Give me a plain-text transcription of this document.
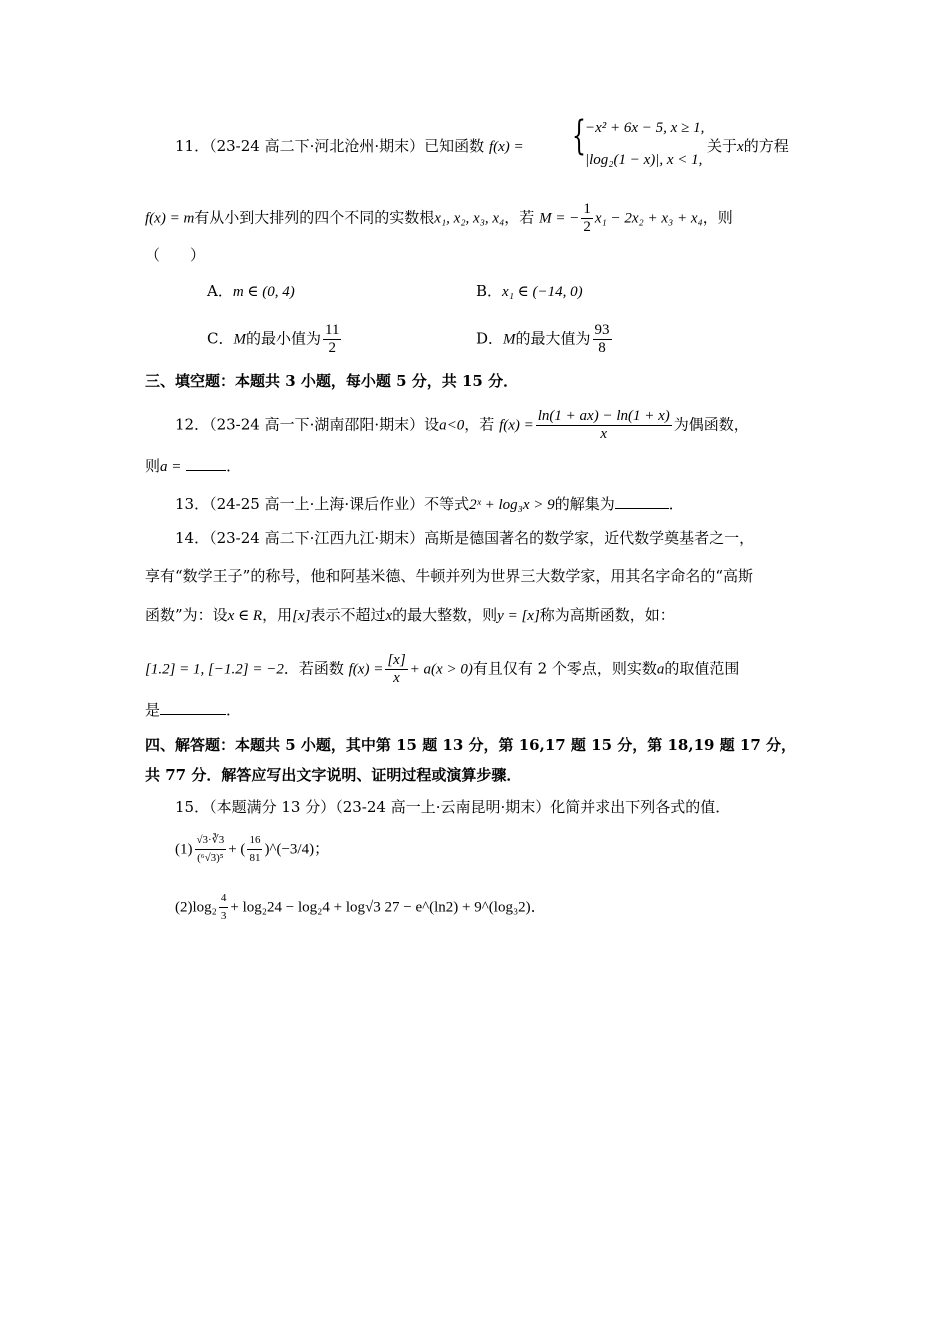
11．（23-24 高二下·河北沧州·期末）已知函数 f(x) = { −x² + 6x − 5, x ≥ 1,
|log₂(1 − x)|, x < 1,
关于x的方程
f(x) = m有从小到大排列的四个不同的实数根x₁, x₂, x₃, x₄，若 M = − $\frac{1}{2} x_1 - 2x_2 + x_3 + x_4$，则
（　　）
A．m ∈ (0, 4)	B．x₁ ∈ (−14, 0)
C．M的最小值为 $\frac{11}{2}$	D．M的最大值为 $\frac{93}{8}$
三、填空题：本题共 3 小题，每小题 5 分，共 15 分．
12．（23-24 高一下·湖南邵阳·期末）设a<0，若 $f(x) = \frac{\ln(1 + ax) - \ln(1 + x)}{x}$ 为偶函数，
则a =	．
13．（24-25 高一上·上海·课后作业）不等式2ˣ + log₃x > 9的解集为	．
14．（23-24 高二下·江西九江·期末）高斯是德国著名的数学家，近代数学奠基者之一，
享有“数学王子”的称号，他和阿基米德、牛顿并列为世界三大数学家，用其名字命名的“高斯
函数”为：设x ∈ R，用[x]表示不超过x的最大整数，则y = [x]称为高斯函数，如：
[1.2] = 1, [−1.2] = −2．若函数 $f(x) = \frac{[x]}{x} + a(x > 0)$有且仅有 2 个零点，则实数a的取值范围
是	．
四、解答题：本题共 5 小题，其中第 15 题 13 分，第 16,17 题 15 分，第 18,19 题 17 分，
共 77 分．解答应写出文字说明、证明过程或演算步骤．
15．（本题满分 13 分）（23-24 高一上·云南昆明·期末）化简并求出下列各式的值．
$(1) \frac{√3\cdot∛3}{\text{(⁶√3)⁵}}$ + ( $\frac{16}{81}$ )^(−3/4)；
$(2)\log_2 \frac{4}{3} + \log_224 - \log_24 + \log√3$ 27 − e^(ln2) + 9^(log₃2)．
